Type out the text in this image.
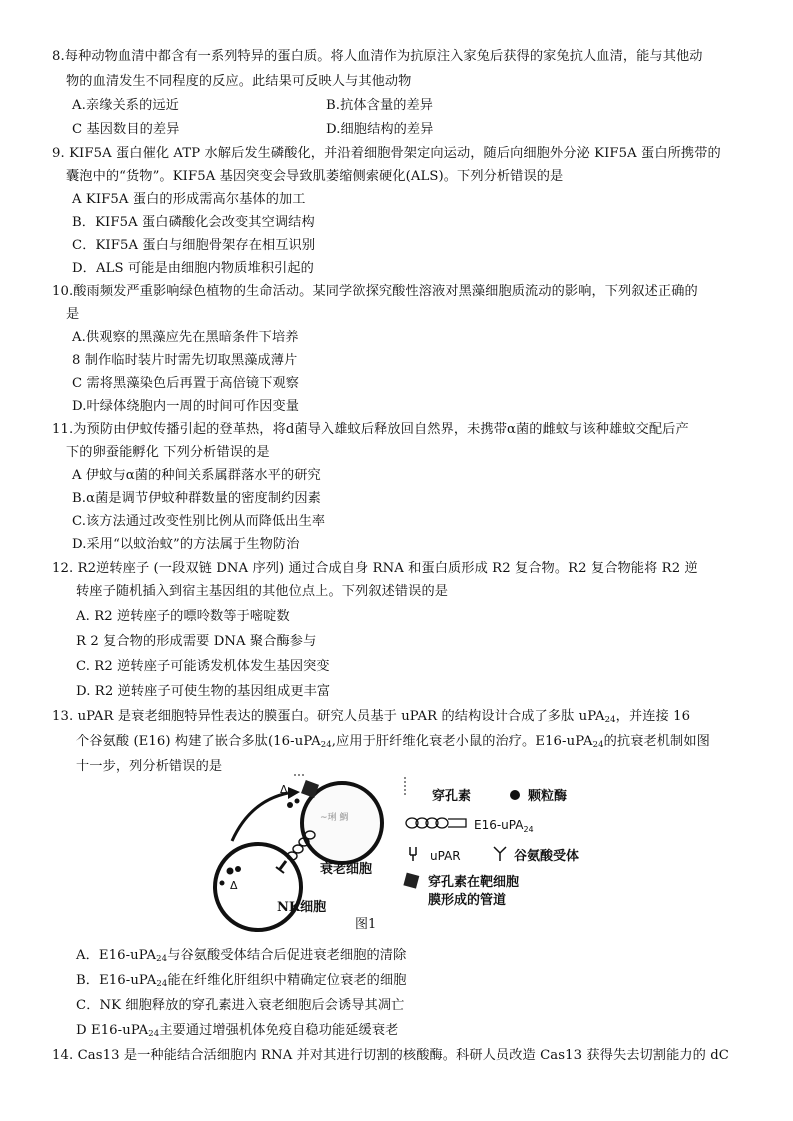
8.每种动物血清中都含有一系列特异的蛋白质。将人血清作为抗原注入家兔后获得的家兔抗人血清，能与其他动
物的血清发生不同程度的反应。此结果可反映人与其他动物
A.亲缘关系的远近	B.抗体含量的差异
C 基因数目的差异	D.细胞结构的差异
9. KIF5A 蛋白催化 ATP 水解后发生磷酸化，并沿着细胞骨架定向运动，随后向细胞外分泌 KIF5A 蛋白所携带的
囊泡中的“货物”。KIF5A 基因突变会导致肌萎缩侧索硬化(ALS)。下列分析错误的是
A KIF5A 蛋白的形成需高尔基体的加工
B．KIF5A 蛋白磷酸化会改变其空调结构
C．KIF5A 蛋白与细胞骨架存在相互识别
D．ALS 可能是由细胞内物质堆积引起的
10.酸雨频发严重影响绿色植物的生命活动。某同学欲探究酸性溶液对黑藻细胞质流动的影响，下列叙述正确的
是
A.供观察的黑藻应先在黑暗条件下培养
8 制作临时装片时需先切取黑藻成薄片
C 需将黑藻染色后再置于高倍镜下观察
D.叶绿体绕胞内一周的时间可作因变量
11.为预防由伊蚊传播引起的登革热，将d菌导入雄蚊后释放回自然界，未携带α菌的雌蚊与该种雄蚊交配后产
下的卵蚕能孵化 下列分析错误的是
A 伊蚊与α菌的种间关系属群落水平的研究
B.α菌是调节伊蚊种群数量的密度制约因素
C.该方法通过改变性别比例从而降低出生率
D.采用“以蚊治蚊”的方法属于生物防治
12. R2逆转座子 (一段双链 DNA 序列) 通过合成自身 RNA 和蛋白质形成 R2 复合物。R2 复合物能将 R2 逆
转座子随机插入到宿主基因组的其他位点上。下列叙述错误的是
A. R2 逆转座子的嘌呤数等于嘧啶数
R 2 复合物的形成需要 DNA 聚合酶参与
C. R2 逆转座子可能诱发机体发生基因突变
D. R2 逆转座子可使生物的基因组成更丰富
13. uPAR 是衰老细胞特异性表达的膜蛋白。研究人员基于 uPAR 的结构设计合成了多肽 uPA$_{24}$，并连接 16
个谷氨酸 (E16) 构建了嵌合多肽(16-uPA$_{24}$,应用于肝纤维化衰老小鼠的治疗。E16-uPA$_{24}$的抗衰老机制如图
十一步，列分析错误的是
~琍 鯛
Δ
Δ
衰老细胞
NK细胞
图1
穿孔素	颗粒酶
E16-uPA$_{24}$
uPAR	谷氨酸受体
穿孔素在靶细胞
膜形成的管道
A．E16-uPA$_{24}$与谷氨酸受体结合后促进衰老细胞的清除
B．E16-uPA$_{24}$能在纤维化肝组织中精确定位衰老的细胞
C．NK 细胞释放的穿孔素进入衰老细胞后会诱导其凋亡
D E16-uPA$_{24}$主要通过增强机体免疫自稳功能延缓衰老
14. Cas13 是一种能结合活细胞内 RNA 并对其进行切割的核酸酶。科研人员改造 Cas13 获得失去切割能力的 dC
